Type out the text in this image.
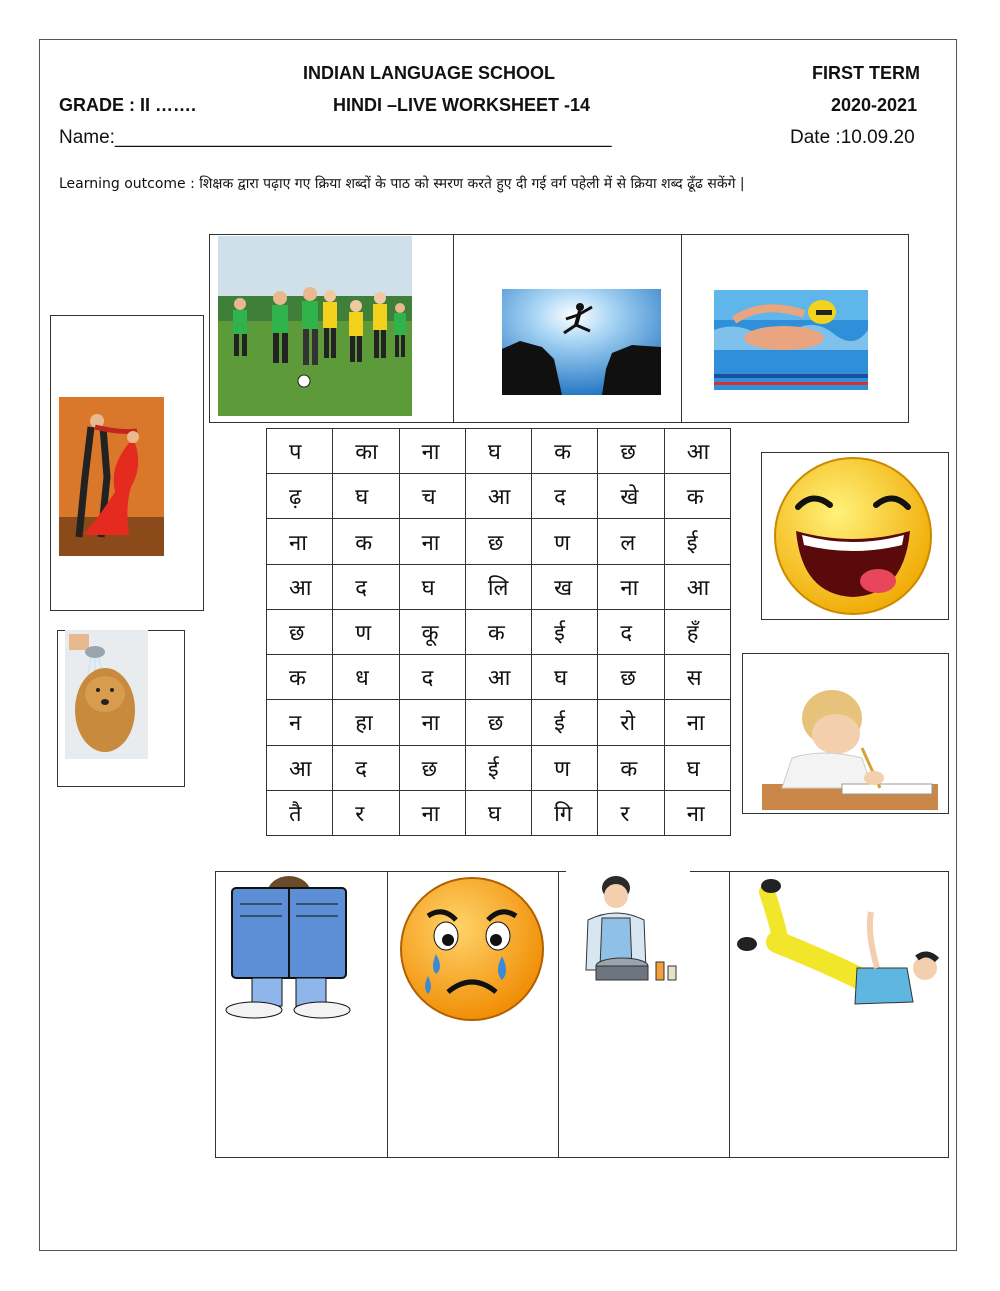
INDIAN LANGUAGE SCHOOL	FIRST TERM
GRADE : II …….	HINDI –LIVE WORKSHEET -14	2020-2021
Name:_______________________________________________	Date :10.09.20
Learning outcome : शिक्षक द्वारा पढ़ाए गए क्रिया शब्दों के पाठ को स्मरण करते हुए दी गई वर्ग पहेली में से क्रिया शब्द ढूँढ सकेंगे |
प	का	ना	घ	क	छ	आ
ढ़	घ	च	आ	द	खे	क
ना	क	ना	छ	ण	ल	ई
आ	द	घ	लि	ख	ना	आ
छ	ण	कू	क	ई	द	हँ
क	ध	द	आ	घ	छ	स
न	हा	ना	छ	ई	रो	ना
आ	द	छ	ई	ण	क	घ
तै	र	ना	घ	गि	र	ना
